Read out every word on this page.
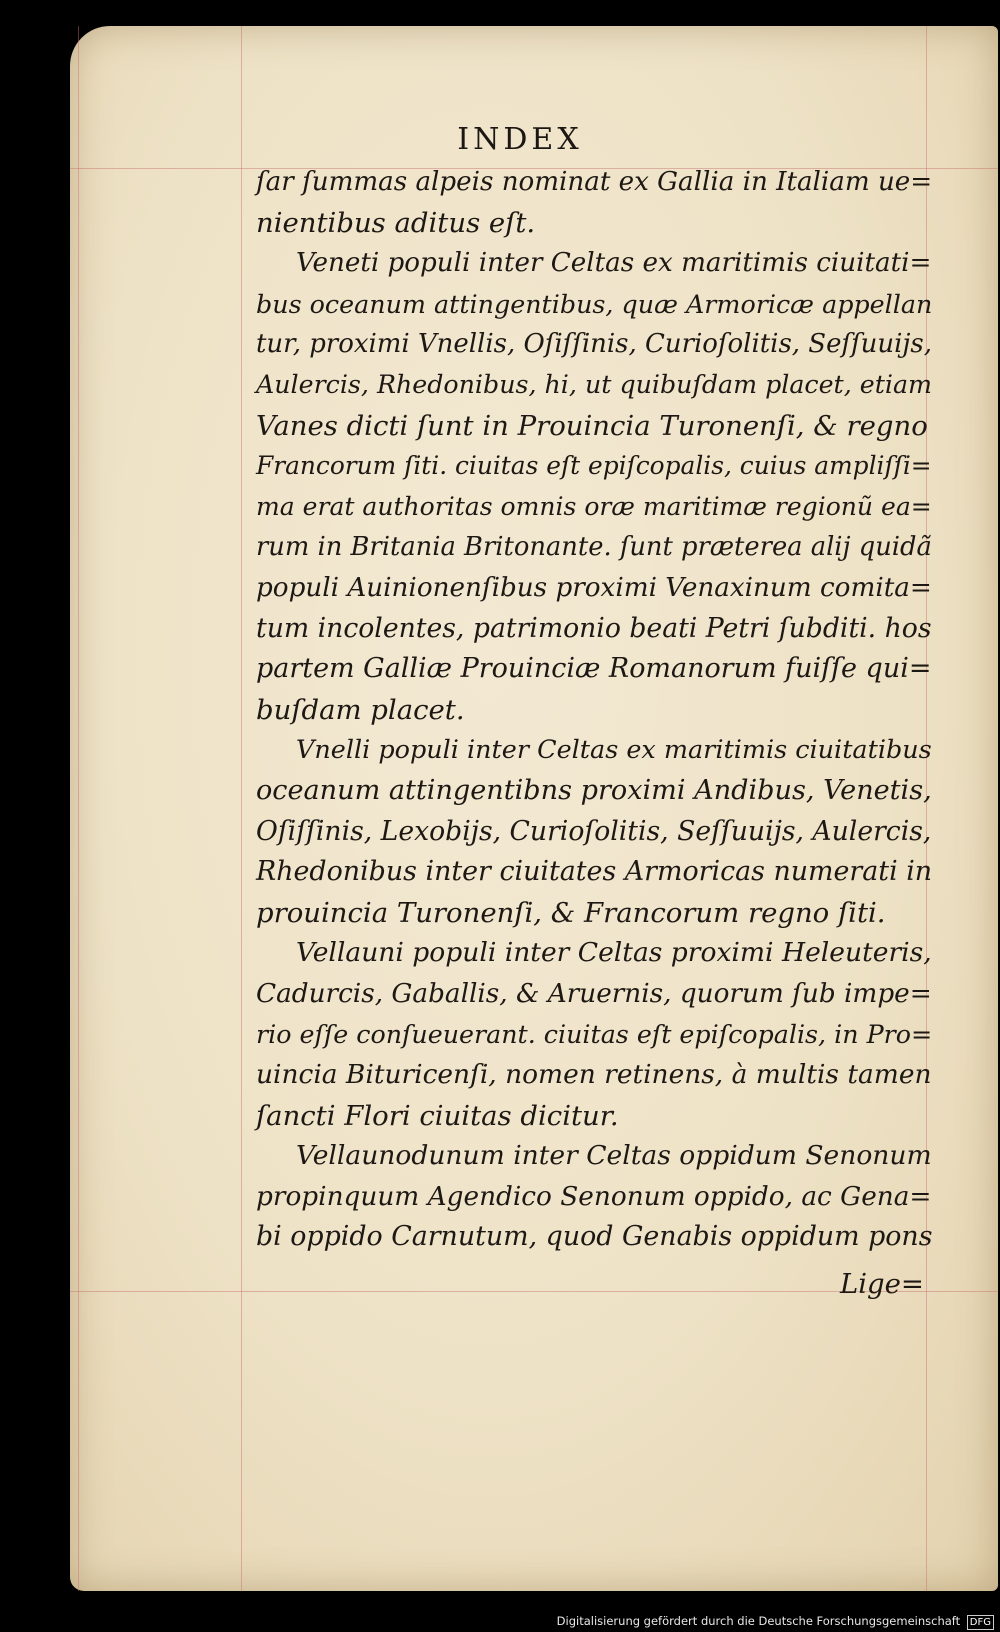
INDEX
ſar ſummas alpeis nominat ex Gallia in Italiam ue=
nientibus aditus eſt.
Veneti populi inter Celtas ex maritimis ciuitati=
bus oceanum attingentibus, quæ Armoricæ appellan
tur, proximi Vnellis, Oſiſſinis, Curioſolitis, Seſſuuijs,
Aulercis, Rhedonibus, hi, ut quibuſdam placet, etiam
Vanes dicti ſunt in Prouincia Turonenſi, & regno
Francorum ſiti. ciuitas eſt epiſcopalis, cuius ampliſſi=
ma erat authoritas omnis oræ maritimæ regionũ ea=
rum in Britania Britonante. ſunt præterea alij quidã
populi Auinionenſibus proximi Venaxinum comita=
tum incolentes, patrimonio beati Petri ſubditi. hos
partem Galliæ Prouinciæ Romanorum fuiſſe qui=
buſdam placet.
Vnelli populi inter Celtas ex maritimis ciuitatibus
oceanum attingentibns proximi Andibus, Venetis,
Oſiſſinis, Lexobijs, Curioſolitis, Seſſuuijs, Aulercis,
Rhedonibus inter ciuitates Armoricas numerati in
prouincia Turonenſi, & Francorum regno ſiti.
Vellauni populi inter Celtas proximi Heleuteris,
Cadurcis, Gaballis, & Aruernis, quorum ſub impe=
rio eſſe conſueuerant. ciuitas eſt epiſcopalis, in Pro=
uincia Bituricenſi, nomen retinens, à multis tamen
ſancti Flori ciuitas dicitur.
Vellaunodunum inter Celtas oppidum Senonum
propinquum Agendico Senonum oppido, ac Gena=
bi oppido Carnutum, quod Genabis oppidum pons
Lige=
Digitalisierung gefördert durch die Deutsche Forschungsgemeinschaft DFG
